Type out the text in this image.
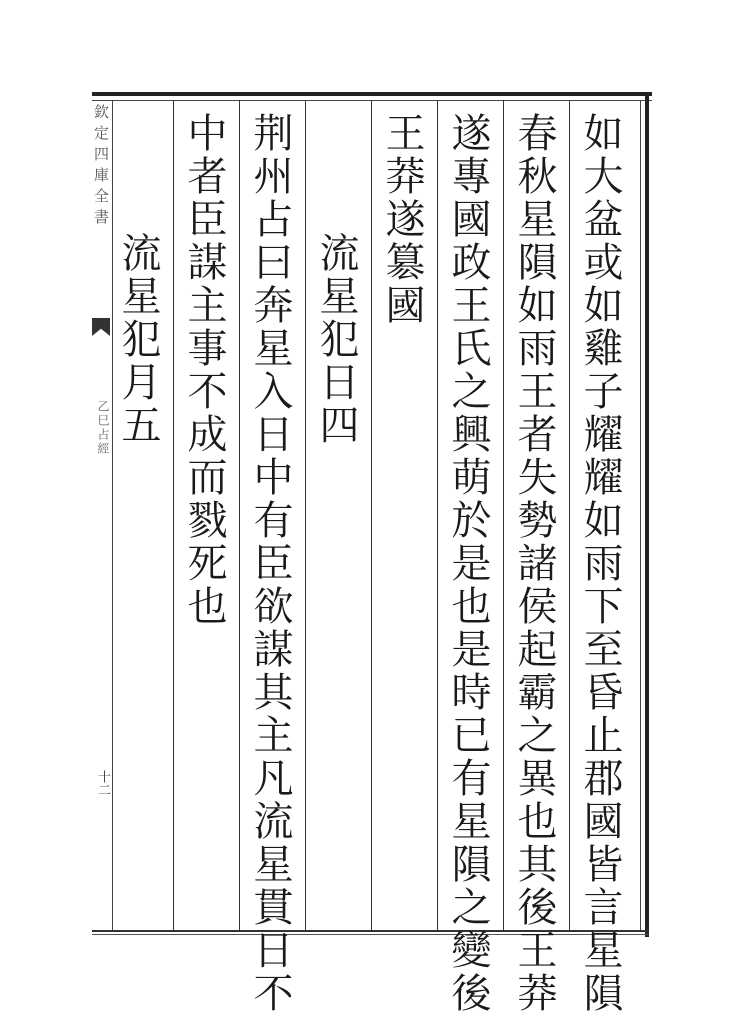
欽定四庫全書
乙巳占經
十二	如大盆或如雞子耀耀如雨下至昏止郡國皆言星隕
春秋星隕如雨王者失勢諸侯起霸之異也其後王莽
遂專國政王氏之興萌於是也是時已有星隕之變後
王莽遂簒國
流星犯日四
荆州占曰奔星入日中有臣欲謀其主凡流星貫日不
中者臣謀主事不成而戮死也
流星犯月五
